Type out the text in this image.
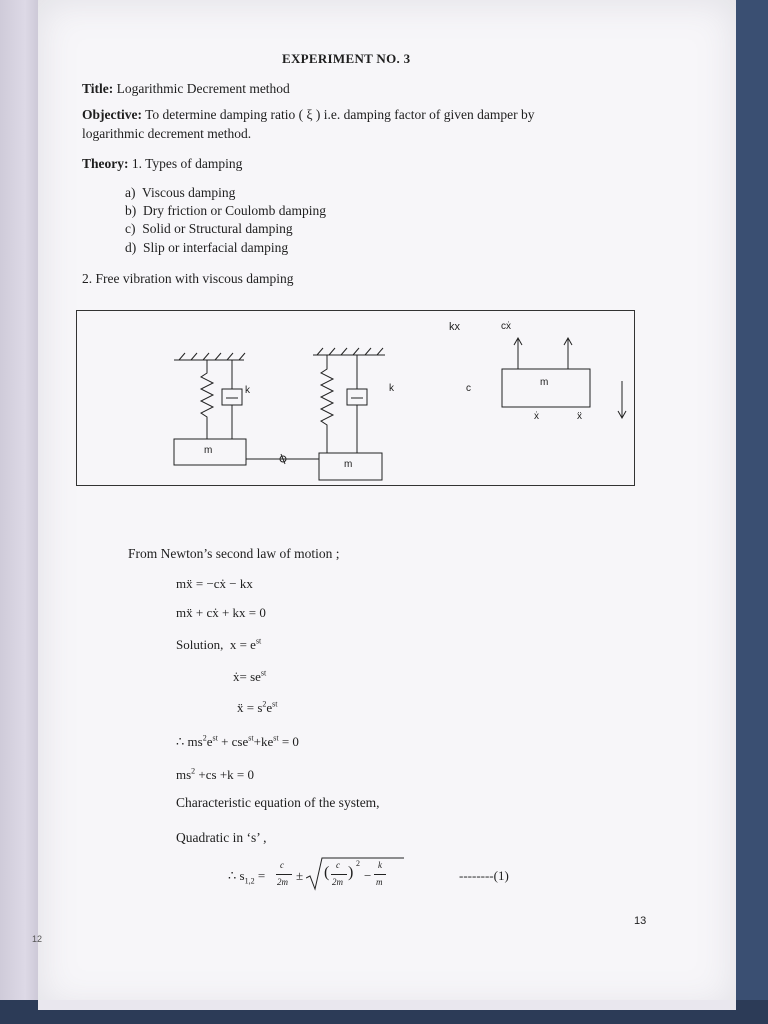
EXPERIMENT NO. 3
Title: Logarithmic Decrement method
Objective: To determine damping ratio ( ξ ) i.e. damping factor of given damper by
logarithmic decrement method.
Theory: 1. Types of damping
a) Viscous damping
b) Dry friction or Coulomb damping
c) Solid or Structural damping
d) Slip or interfacial damping
2. Free vibration with viscous damping
k
m
k
m
kx	cẋ
c
m
ẋ	ẍ
From Newton’s second law of motion ;
mẍ = −cẋ − kx
mẍ + cẋ + kx = 0
Solution, $x = e^{st}$
ẋ= $se^{st}$
ẍ = $s^2e^{st}$
∴ $ms^2e^{st} + cse^{st}+ke^{st} = 0$
$ms^2 +cs +k = 0$
Characteristic equation of the system,
Quadratic in ‘s’ ,
∴ $s_{1,2}$ =
c
2m ± ( c
2m
)
2
−
k
m	--------(1)
13
12
